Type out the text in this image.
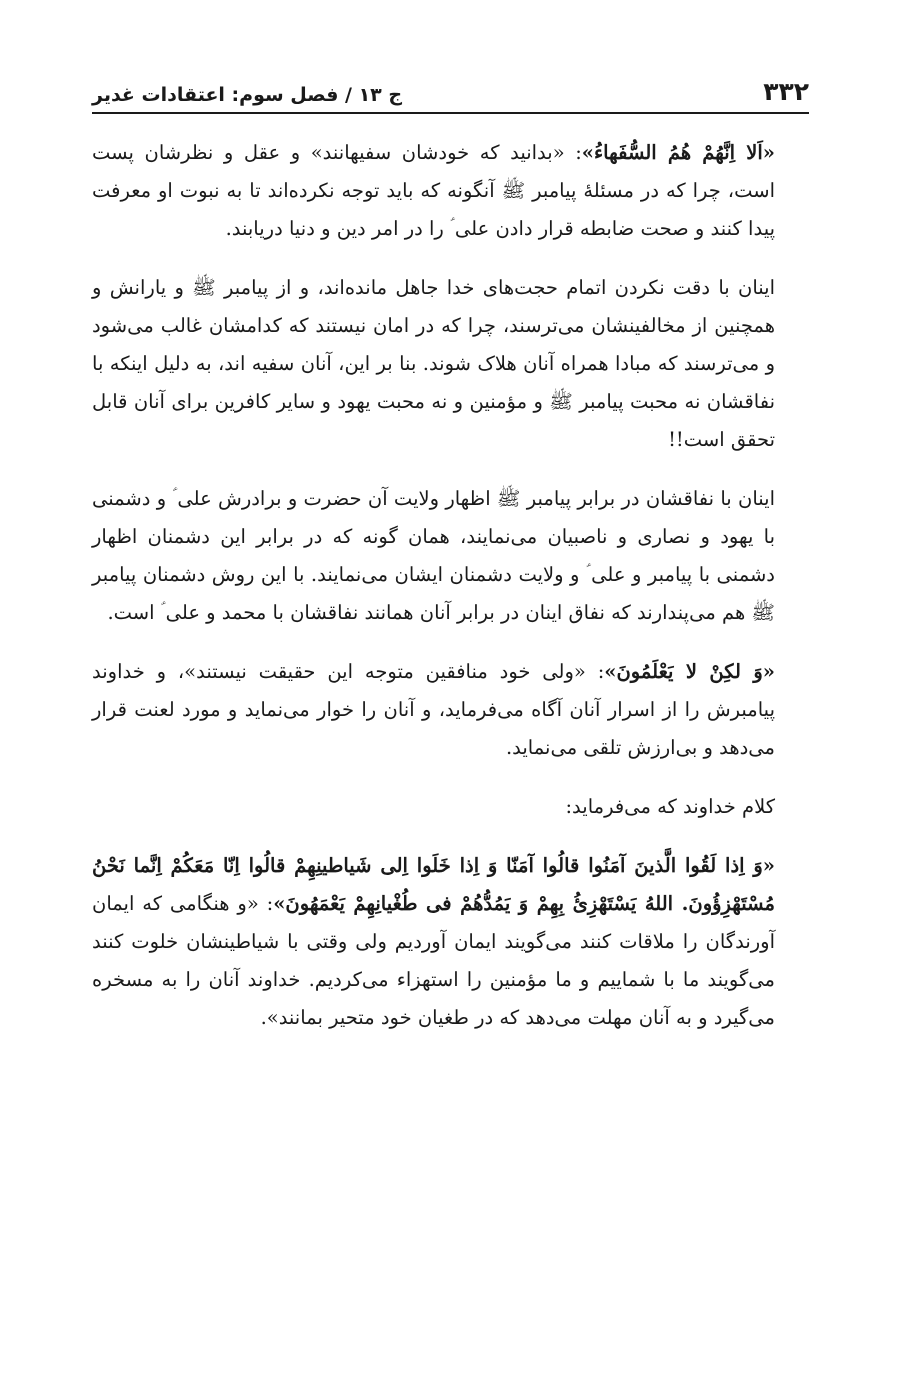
۳۳۲
ج ۱۳ / فصل سوم: اعتقادات غدیر

«اَلا اِنَّهُمْ هُمُ السُّفَهاءُ»: «بدانید که خودشان سفیهانند» و عقل و نظرشان پست است، چرا که در مسئلهٔ پیامبر ﷺ آنگونه که باید توجه نکرده‌اند تا به نبوت او معرفت پیدا کنند و صحت ضابطه قرار دادن علی ؑ را در امر دین و دنیا دریابند.

اینان با دقت نکردن اتمام حجت‌های خدا جاهل مانده‌اند، و از پیامبر ﷺ و یارانش و همچنین از مخالفینشان می‌ترسند، چرا که در امان نیستند که کدامشان غالب می‌شود و می‌ترسند که مبادا همراه آنان هلاک شوند. بنا بر این، آنان سفیه اند، به دلیل اینکه با نفاقشان نه محبت پیامبر ﷺ و مؤمنین و نه محبت یهود و سایر کافرین برای آنان قابل تحقق است!!

اینان با نفاقشان در برابر پیامبر ﷺ اظهار ولایت آن حضرت و برادرش علی ؑ و دشمنی با یهود و نصاری و ناصبیان می‌نمایند، همان گونه که در برابر این دشمنان اظهار دشمنی با پیامبر و علی ؑ و ولایت دشمنان ایشان می‌نمایند. با این روش دشمنان پیامبر ﷺ هم می‌پندارند که نفاق اینان در برابر آنان همانند نفاقشان با محمد و علی ؑ است.

«وَ لکِنْ لا يَعْلَمُونَ»: «ولی خود منافقین متوجه این حقیقت نیستند»، و خداوند پیامبرش را از اسرار آنان آگاه می‌فرماید، و آنان را خوار می‌نماید و مورد لعنت قرار می‌دهد و بی‌ارزش تلقی می‌نماید.

کلام خداوند که می‌فرماید:

«وَ اِذا لَقُوا الَّذينَ آمَنُوا قالُوا آمَنّا وَ اِذا خَلَوا اِلی شَياطينِهِمْ قالُوا اِنّا مَعَكُمْ اِنَّما نَحْنُ مُسْتَهْزِؤُونَ. اللهُ يَسْتَهْزِئُ بِهِمْ وَ يَمُدُّهُمْ فی طُغْيانِهِمْ يَعْمَهُونَ»: «و هنگامی که ایمان آورندگان را ملاقات کنند می‌گویند ایمان آوردیم ولی وقتی با شیاطینشان خلوت کنند می‌گویند ما با شماییم و ما مؤمنین را استهزاء می‌کردیم. خداوند آنان را به مسخره می‌گیرد و به آنان مهلت می‌دهد که در طغیان خود متحیر بمانند».
